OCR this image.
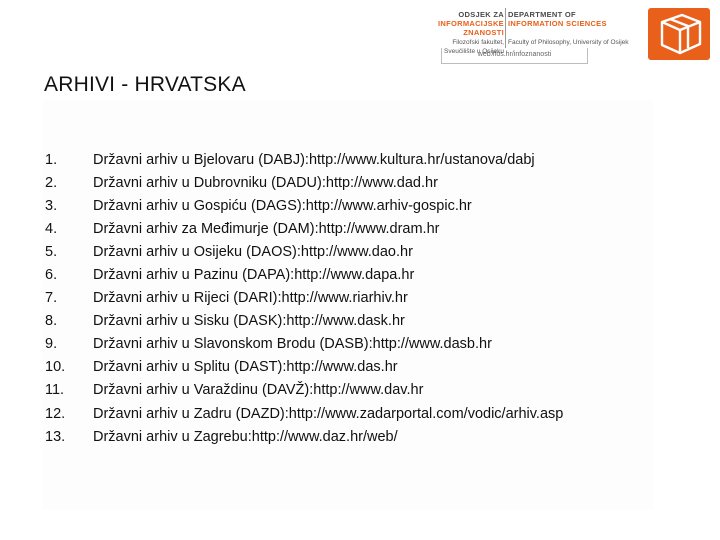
ODSJEK ZA
INFORMACIJSKE
ZNANOSTI
Filozofski fakultet, Sveučilište u Osijeku
DEPARTMENT OF
INFORMATION SCIENCES
Faculty of Philosophy, University of Osijek
web.ffos.hr/infoznanosti
ARHIVI - HRVATSKA
1.	Državni arhiv u Bjelovaru (DABJ): http://www.kultura.hr/ustanova/dabj
2.	Državni arhiv u Dubrovniku (DADU): http://www.dad.hr
3.	Državni arhiv u Gospiću (DAGS): http://www.arhiv-gospic.hr
4.	Državni arhiv za Međimurje (DAM): http://www.dram.hr
5.	Državni arhiv u Osijeku (DAOS): http://www.dao.hr
6.	Državni arhiv u Pazinu (DAPA): http://www.dapa.hr
7.	Državni arhiv u Rijeci (DARI): http://www.riarhiv.hr
8.	Državni arhiv u Sisku (DASK): http://www.dask.hr
9.	Državni arhiv u Slavonskom Brodu (DASB): http://www.dasb.hr
10.	Državni arhiv u Splitu (DAST): http://www.das.hr
11.	Državni arhiv u Varaždinu (DAVŽ): http://www.dav.hr
12.	Državni arhiv u Zadru (DAZD): http://www.zadarportal.com/vodic/arhiv.asp
13.	Državni arhiv u Zagrebu: http://www.daz.hr/web/
